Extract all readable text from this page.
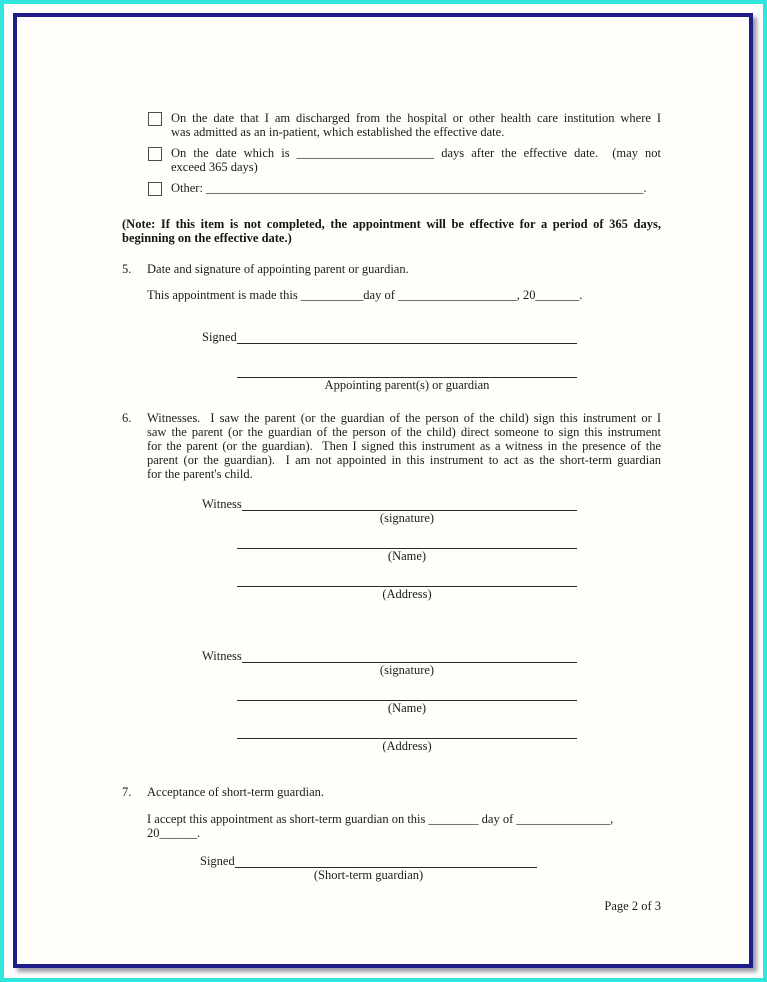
On the date that I am discharged from the hospital or other health care institution where I
was admitted as an in-patient, which established the effective date.
On the date which is ______________________ days after the effective date.  (may not
exceed 365 days)
Other: ______________________________________________________________________.
(Note: If this item is not completed, the appointment will be effective for a period of 365 days,
beginning on the effective date.)
5.	Date and signature of appointing parent or guardian.
This appointment is made this __________day of ___________________, 20_______.
Signed
Appointing parent(s) or guardian
6.	Witnesses.  I saw the parent (or the guardian of the person of the child) sign this instrument or I
saw the parent (or the guardian of the person of the child) direct someone to sign this instrument
for the parent (or the guardian).  Then I signed this instrument as a witness in the presence of the
parent (or the guardian).  I am not appointed in this instrument to act as the short-term guardian
for the parent's child.
Witness
(signature)
(Name)
(Address)
Witness
(signature)
(Name)
(Address)
7.	Acceptance of short-term guardian.
I accept this appointment as short-term guardian on this ________ day of _______________, 20______.
Signed
(Short-term guardian)
Page 2 of 3
